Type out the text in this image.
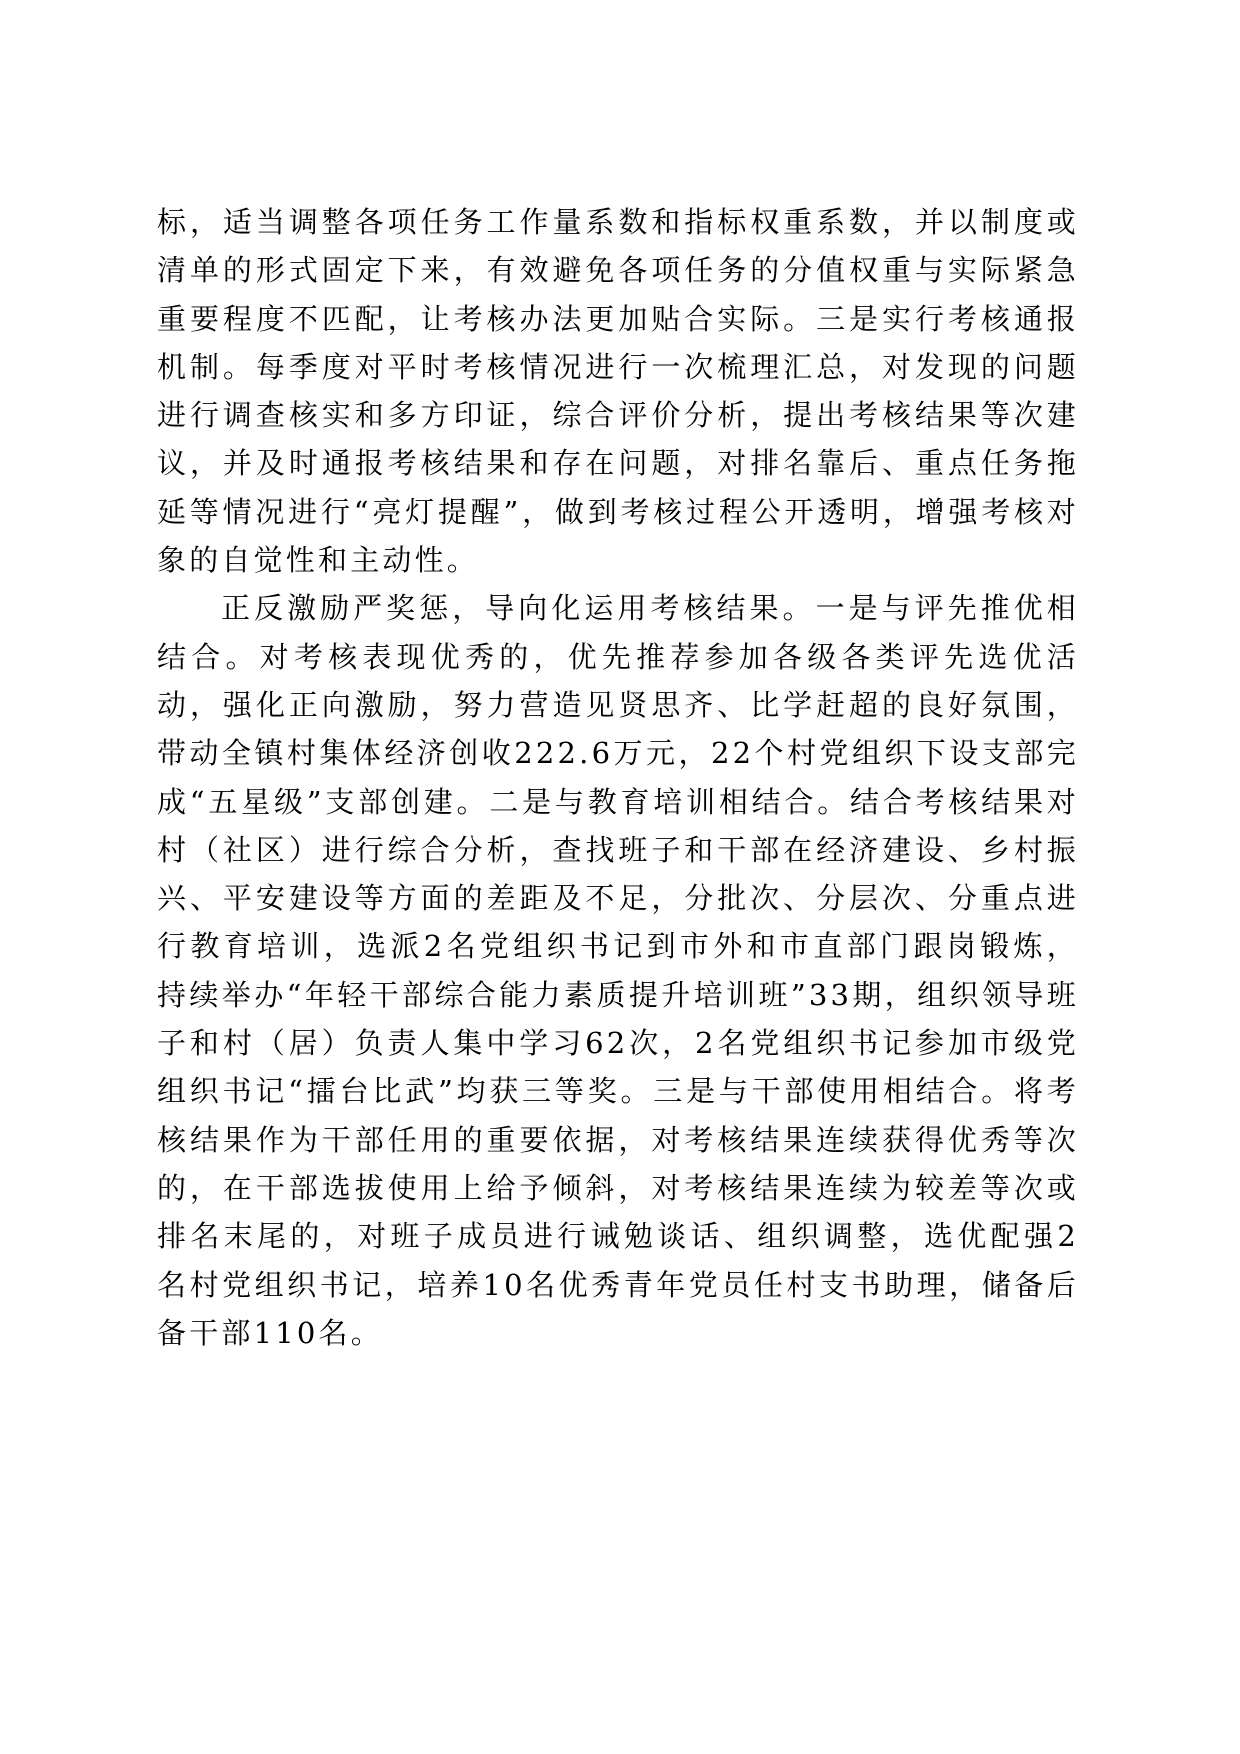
标，适当调整各项任务工作量系数和指标权重系数，并以制度或清单的形式固定下来，有效避免各项任务的分值权重与实际紧急重要程度不匹配，让考核办法更加贴合实际。三是实行考核通报机制。每季度对平时考核情况进行一次梳理汇总，对发现的问题进行调查核实和多方印证，综合评价分析，提出考核结果等次建议，并及时通报考核结果和存在问题，对排名靠后、重点任务拖延等情况进行“亮灯提醒”，做到考核过程公开透明，增强考核对象的自觉性和主动性。

正反激励严奖惩，导向化运用考核结果。一是与评先推优相结合。对考核表现优秀的，优先推荐参加各级各类评先选优活动，强化正向激励，努力营造见贤思齐、比学赶超的良好氛围，带动全镇村集体经济创收222.6万元，22个村党组织下设支部完成“五星级”支部创建。二是与教育培训相结合。结合考核结果对村（社区）进行综合分析，查找班子和干部在经济建设、乡村振兴、平安建设等方面的差距及不足，分批次、分层次、分重点进行教育培训，选派2名党组织书记到市外和市直部门跟岗锻炼，持续举办“年轻干部综合能力素质提升培训班”33期，组织领导班子和村（居）负责人集中学习62次，2名党组织书记参加市级党组织书记“擂台比武”均获三等奖。三是与干部使用相结合。将考核结果作为干部任用的重要依据，对考核结果连续获得优秀等次的，在干部选拔使用上给予倾斜，对考核结果连续为较差等次或排名末尾的，对班子成员进行诫勉谈话、组织调整，选优配强2名村党组织书记，培养10名优秀青年党员任村支书助理，储备后备干部110名。
